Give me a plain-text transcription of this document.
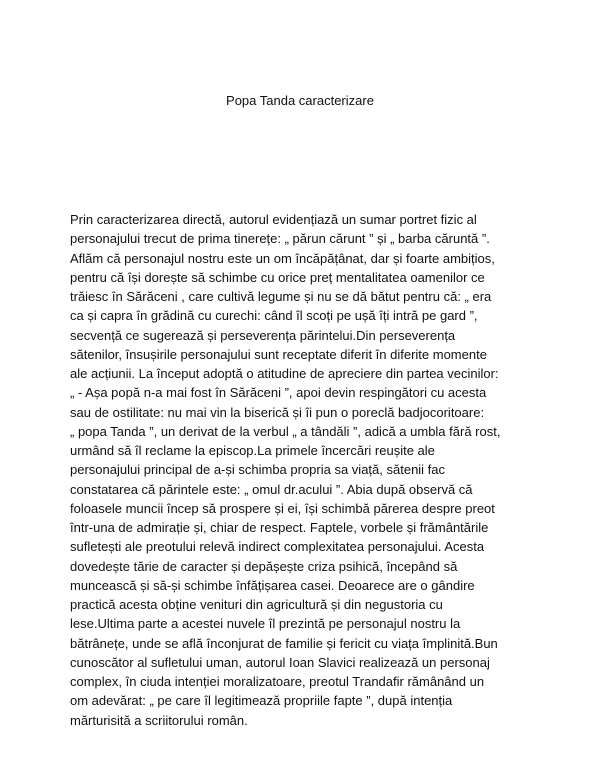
Popa Tanda caracterizare
Prin caracterizarea directă, autorul evidențiază un sumar portret fizic al
personajului trecut de prima tinerețe: „ părun cărunt ” și „ barba căruntă ”.
Aflăm că personajul nostru este un om încăpățânat, dar și foarte ambițios,
pentru că își dorește să schimbe cu orice preț mentalitatea oamenilor ce
trăiesc în Sărăceni , care cultivă legume și nu se dă bătut pentru că: „ era
ca și capra în grădină cu curechi: când îl scoți pe ușă îți intră pe gard ”,
secvență ce sugerează și perseverența părintelui.Din perseverența
sătenilor, însușirile personajului sunt receptate diferit în diferite momente
ale acțiunii. La început adoptă o atitudine de apreciere din partea vecinilor:
„ - Așa popă n-a mai fost în Sărăceni ”, apoi devin respingători cu acesta
sau de ostilitate: nu mai vin la biserică și îi pun o poreclă badjocoritoare:
„ popa Tanda ”, un derivat de la verbul „ a tândăli ”, adică a umbla fără rost,
urmând să îl reclame la episcop.La primele încercări reușite ale
personajului principal de a-și schimba propria sa viață, sătenii fac
constatarea că părintele este: „ omul dr.acului ”. Abia după observă că
foloasele muncii încep să prospere și ei, își schimbă părerea despre preot
într-una de admirație și, chiar de respect. Faptele, vorbele și frământările
sufletești ale preotului relevă indirect complexitatea personajului. Acesta
dovedește tărie de caracter și depășește criza psihică, începând să
muncească și să-și schimbe înfățișarea casei. Deoarece are o gândire
practică acesta obține venituri din agricultură și din negustoria cu
lese.Ultima parte a acestei nuvele îl prezintă pe personajul nostru la
bătrânețe, unde se află înconjurat de familie și fericit cu viața împlinită.Bun
cunoscător al sufletului uman, autorul Ioan Slavici realizează un personaj
complex, în ciuda intenției moralizatoare, preotul Trandafir rămânând un
om adevărat: „ pe care îl legitimează propriile fapte ”, după intenția
mărturisită a scriitorului român.
